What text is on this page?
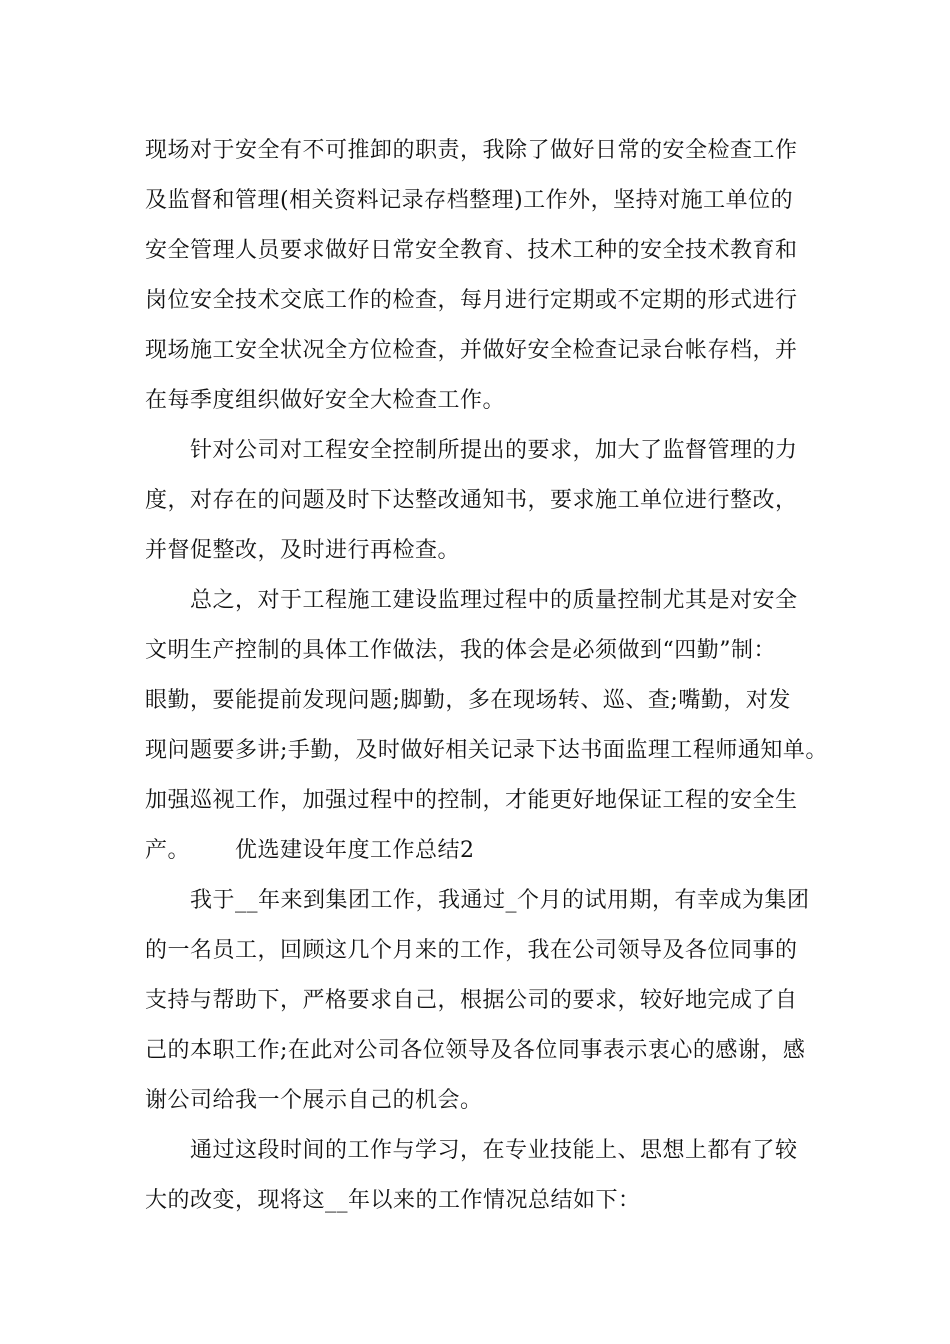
现场对于安全有不可推卸的职责，我除了做好日常的安全检查工作
及监督和管理(相关资料记录存档整理)工作外，坚持对施工单位的
安全管理人员要求做好日常安全教育、技术工种的安全技术教育和
岗位安全技术交底工作的检查，每月进行定期或不定期的形式进行
现场施工安全状况全方位检查，并做好安全检查记录台帐存档，并
在每季度组织做好安全大检查工作。
针对公司对工程安全控制所提出的要求，加大了监督管理的力
度，对存在的问题及时下达整改通知书，要求施工单位进行整改，
并督促整改，及时进行再检查。
总之，对于工程施工建设监理过程中的质量控制尤其是对安全
文明生产控制的具体工作做法，我的体会是必须做到“四勤”制：
眼勤，要能提前发现问题;脚勤，多在现场转、巡、查;嘴勤，对发
现问题要多讲;手勤，及时做好相关记录下达书面监理工程师通知单。
加强巡视工作，加强过程中的控制，才能更好地保证工程的安全生
产。      优选建设年度工作总结2
我于__年来到集团工作，我通过_个月的试用期，有幸成为集团
的一名员工，回顾这几个月来的工作，我在公司领导及各位同事的
支持与帮助下，严格要求自己，根据公司的要求，较好地完成了自
己的本职工作;在此对公司各位领导及各位同事表示衷心的感谢，感
谢公司给我一个展示自己的机会。
通过这段时间的工作与学习，在专业技能上、思想上都有了较
大的改变，现将这__年以来的工作情况总结如下：
